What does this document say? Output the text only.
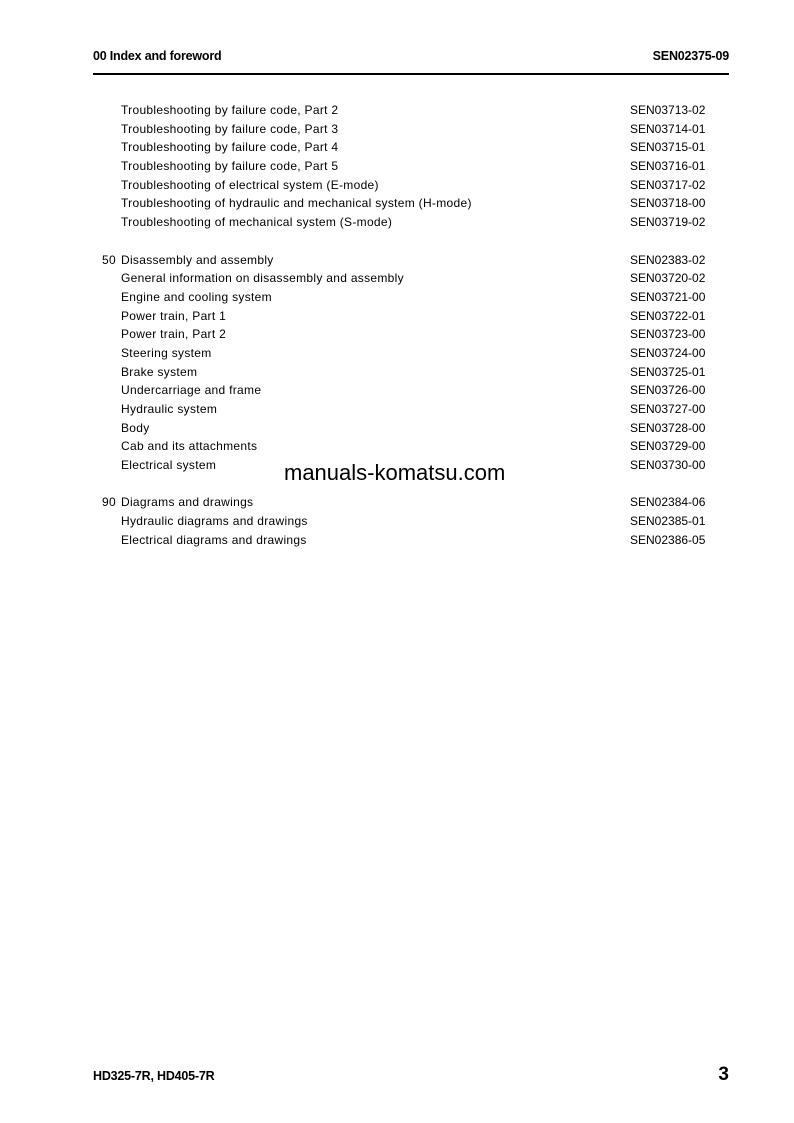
00 Index and foreword	SEN02375-09
Troubleshooting by failure code, Part 2	SEN03713-02
Troubleshooting by failure code, Part 3	SEN03714-01
Troubleshooting by failure code, Part 4	SEN03715-01
Troubleshooting by failure code, Part 5	SEN03716-01
Troubleshooting of electrical system (E-mode)	SEN03717-02
Troubleshooting of hydraulic and mechanical system (H-mode)	SEN03718-00
Troubleshooting of mechanical system (S-mode)	SEN03719-02
50 Disassembly and assembly	SEN02383-02
General information on disassembly and assembly	SEN03720-02
Engine and cooling system	SEN03721-00
Power train, Part 1	SEN03722-01
Power train, Part 2	SEN03723-00
Steering system	SEN03724-00
Brake system	SEN03725-01
Undercarriage and frame	SEN03726-00
Hydraulic system	SEN03727-00
Body	SEN03728-00
Cab and its attachments	SEN03729-00
Electrical system	SEN03730-00
90 Diagrams and drawings	SEN02384-06
Hydraulic diagrams and drawings	SEN02385-01
Electrical diagrams and drawings	SEN02386-05
manuals-komatsu.com
HD325-7R, HD405-7R	3
